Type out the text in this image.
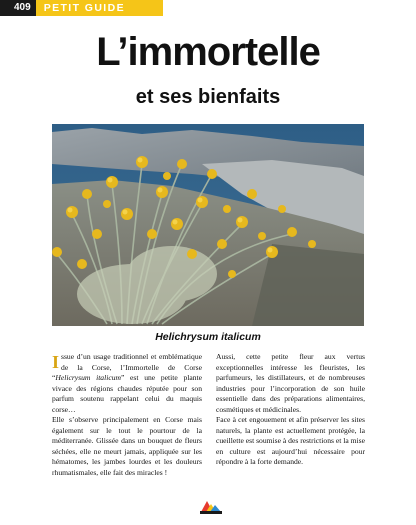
409	PETIT GUIDE
L’immortelle
et ses bienfaits
Helichrysum italicum

Issue d’un usage traditionnel et emblématique de la Corse, l’Immortelle de Corse “Helicrysum italicum” est une petite plante vivace des régions chaudes réputée pour son parfum soutenu rappelant celui du maquis corse…

Elle s’observe principalement en Corse mais également sur le tout le pourtour de la méditerranée. Glissée dans un bouquet de fleurs séchées, elle ne meurt jamais, appliquée sur les hématomes, les jambes lourdes et les douleurs rhumatismales, elle fait des miracles !

Aussi, cette petite fleur aux vertus exceptionnelles intéresse les fleuristes, les parfumeurs, les distillateurs, et de nombreuses industries pour l’incorporation de son huile essentielle dans des préparations alimentaires, cosmétiques et médicinales.

Face à cet engouement et afin préserver les sites naturels, la plante est actuellement protégée, la cueillette est soumise à des restrictions et la mise en culture est aujourd’hui nécessaire pour répondre à la forte demande.
